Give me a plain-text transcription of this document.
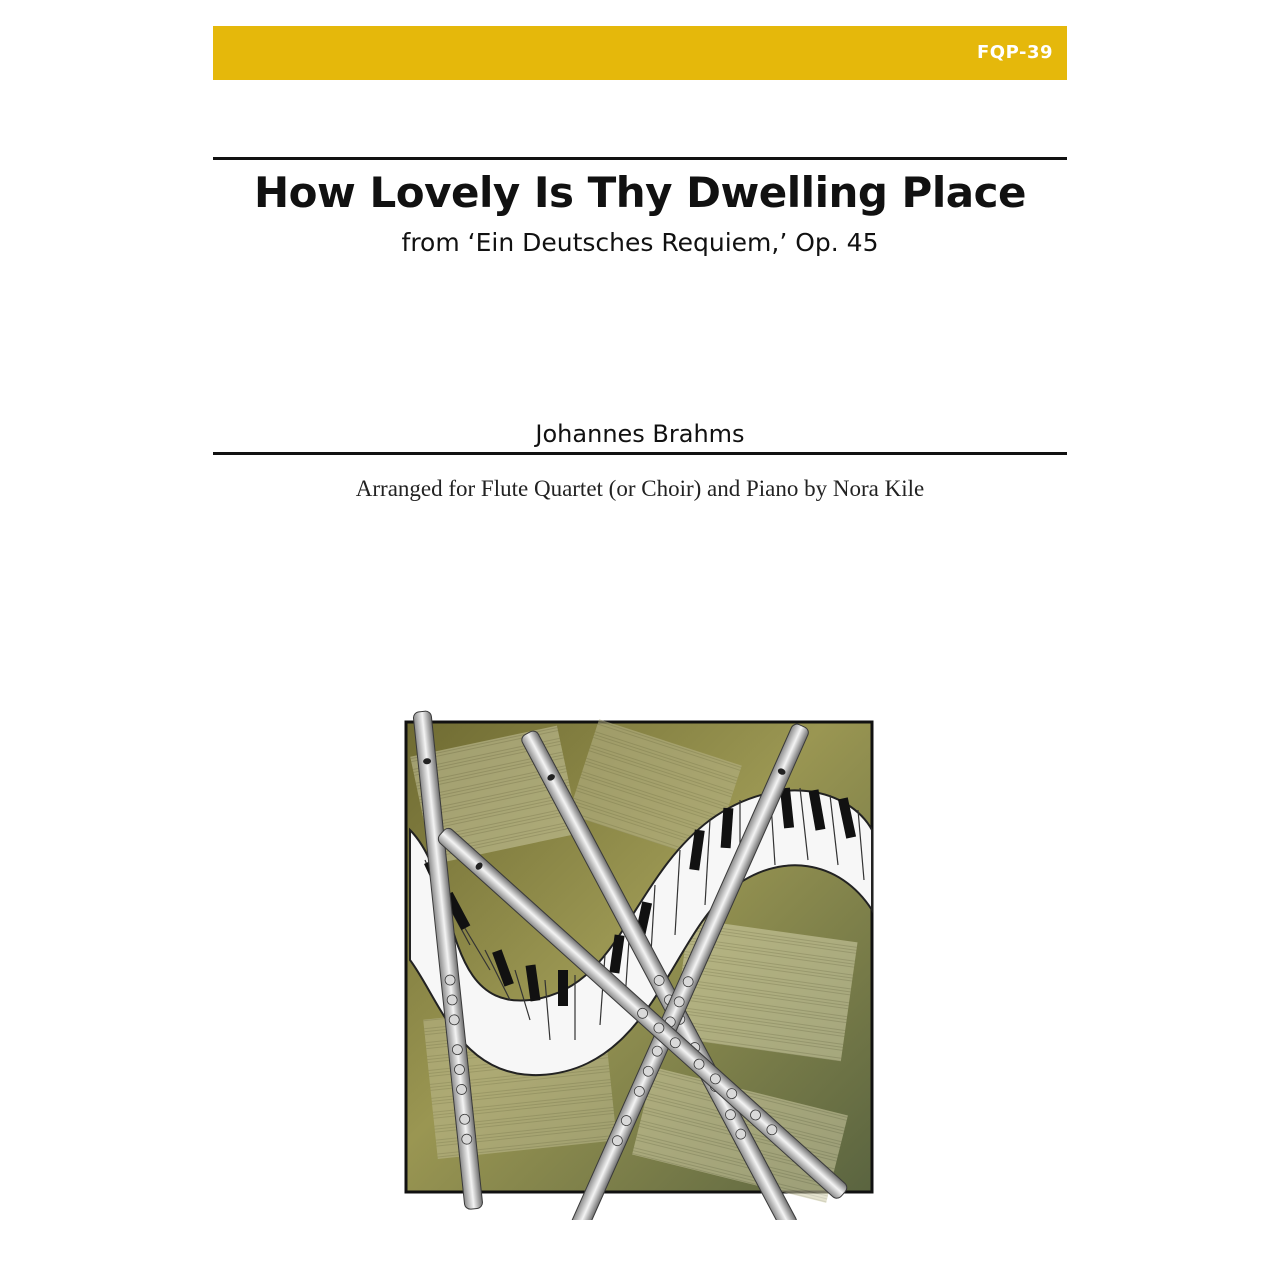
FQP-39
How Lovely Is Thy Dwelling Place
from ‘Ein Deutsches Requiem,’ Op. 45
Johannes Brahms
Arranged for Flute Quartet (or Choir) and Piano by Nora Kile
